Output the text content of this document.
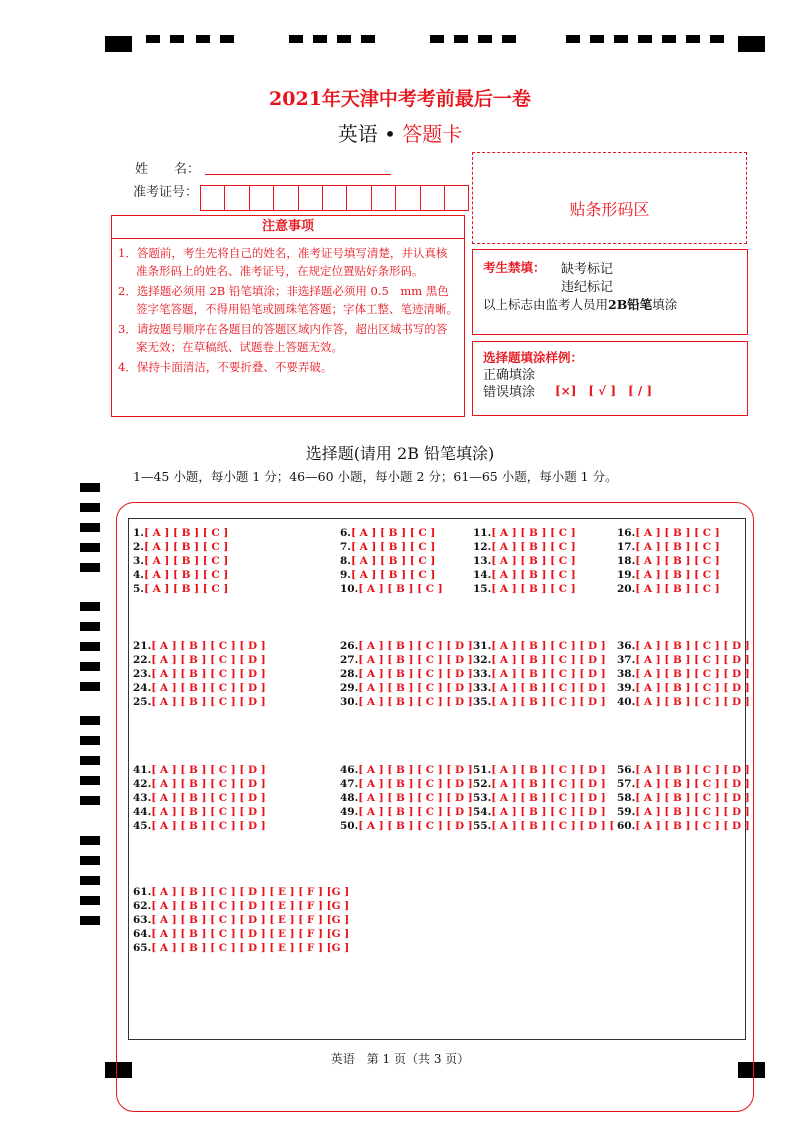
2021年天津中考考前最后一卷
英语 • 答题卡
姓　　名：
准考证号：
注意事项

1．答题前，考生先将自己的姓名，准考证号填写清楚，并认真核准条形码上的姓名、准考证号，在规定位置贴好条形码。

2．选择题必须用 2B 铅笔填涂；非选择题必须用 0.5　mm 黑色签字笔答题，不得用铅笔或圆珠笔答题；字体工整、笔迹清晰。

3．请按题号顺序在各题目的答题区域内作答，超出区域书写的答案无效；在草稿纸、试题卷上答题无效。

4．保持卡面清洁，不要折叠、不要弄破。

贴条形码区
考生禁填： 缺考标记
违纪标记
以上标志由监考人员用2B铅笔填涂
选择题填涂样例：
正确填涂
错误填涂 [×]　[ √ ]　[ / ]
选择题(请用 2B 铅笔填涂)
1—45 小题，每小题 1 分；46—60 小题，每小题 2 分；61—65 小题，每小题 1 分。
1.[ A ] [ B ] [ C ]
2.[ A ] [ B ] [ C ]
3.[ A ] [ B ] [ C ]
4.[ A ] [ B ] [ C ]
5.[ A ] [ B ] [ C ]
6.[ A ] [ B ] [ C ]
7.[ A ] [ B ] [ C ]
8.[ A ] [ B ] [ C ]
9.[ A ] [ B ] [ C ]
10.[ A ] [ B ] [ C ]
11.[ A ] [ B ] [ C ]
12.[ A ] [ B ] [ C ]
13.[ A ] [ B ] [ C ]
14.[ A ] [ B ] [ C ]
15.[ A ] [ B ] [ C ]
16.[ A ] [ B ] [ C ]
17.[ A ] [ B ] [ C ]
18.[ A ] [ B ] [ C ]
19.[ A ] [ B ] [ C ]
20.[ A ] [ B ] [ C ]
21.[ A ] [ B ] [ C ] [ D ]
22.[ A ] [ B ] [ C ] [ D ]
23.[ A ] [ B ] [ C ] [ D ]
24.[ A ] [ B ] [ C ] [ D ]
25.[ A ] [ B ] [ C ] [ D ]
26.[ A ] [ B ] [ C ] [ D ]
27.[ A ] [ B ] [ C ] [ D ]
28.[ A ] [ B ] [ C ] [ D ]
29.[ A ] [ B ] [ C ] [ D ]
30.[ A ] [ B ] [ C ] [ D ]
31.[ A ] [ B ] [ C ] [ D ]
32.[ A ] [ B ] [ C ] [ D ]
33.[ A ] [ B ] [ C ] [ D ]
33.[ A ] [ B ] [ C ] [ D ]
35.[ A ] [ B ] [ C ] [ D ]
36.[ A ] [ B ] [ C ] [ D ]
37.[ A ] [ B ] [ C ] [ D ]
38.[ A ] [ B ] [ C ] [ D ]
39.[ A ] [ B ] [ C ] [ D ]
40.[ A ] [ B ] [ C ] [ D ]
41.[ A ] [ B ] [ C ] [ D ]
42.[ A ] [ B ] [ C ] [ D ]
43.[ A ] [ B ] [ C ] [ D ]
44.[ A ] [ B ] [ C ] [ D ]
45.[ A ] [ B ] [ C ] [ D ]
46.[ A ] [ B ] [ C ] [ D ]
47.[ A ] [ B ] [ C ] [ D ]
48.[ A ] [ B ] [ C ] [ D ]
49.[ A ] [ B ] [ C ] [ D ]
50.[ A ] [ B ] [ C ] [ D ]
51.[ A ] [ B ] [ C ] [ D ]
52.[ A ] [ B ] [ C ] [ D ]
53.[ A ] [ B ] [ C ] [ D ]
54.[ A ] [ B ] [ C ] [ D ]
55.[ A ] [ B ] [ C ] [ D ] [
56.[ A ] [ B ] [ C ] [ D ]
57.[ A ] [ B ] [ C ] [ D ]
58.[ A ] [ B ] [ C ] [ D ]
59.[ A ] [ B ] [ C ] [ D ]
60.[ A ] [ B ] [ C ] [ D ]
61.[ A ] [ B ] [ C ] [ D ] [ E ] [ F ] [G ]
62.[ A ] [ B ] [ C ] [ D ] [ E ] [ F ] [G ]
63.[ A ] [ B ] [ C ] [ D ] [ E ] [ F ] [G ]
64.[ A ] [ B ] [ C ] [ D ] [ E ] [ F ] [G ]
65.[ A ] [ B ] [ C ] [ D ] [ E ] [ F ] [G ]
英语　第 1 页（共 3 页）
